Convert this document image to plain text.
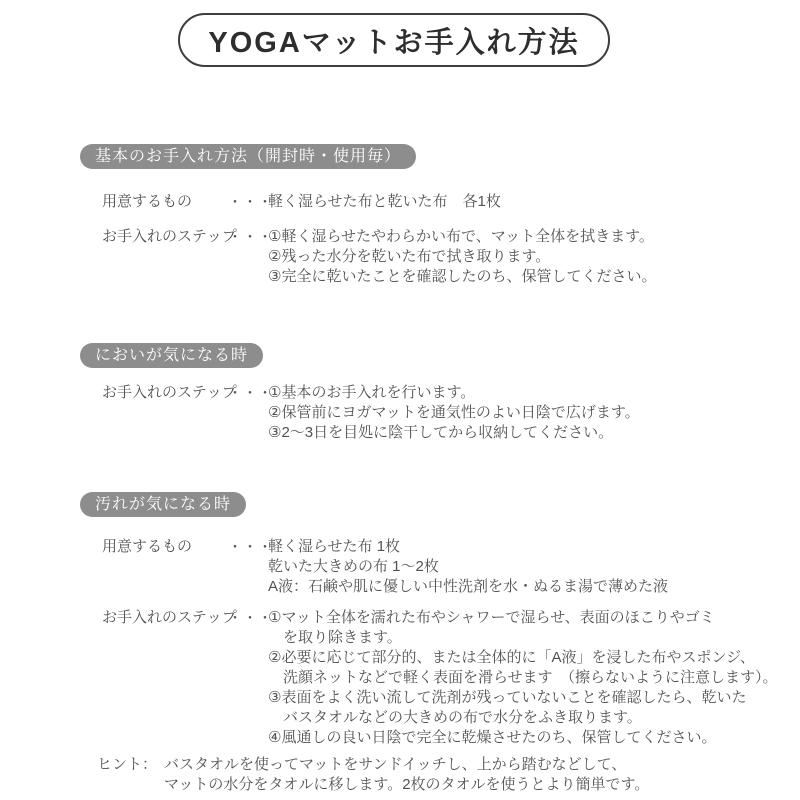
YOGAマットお手入れ方法
基本のお手入れ方法（開封時・使用毎）
用意するもの	・・・
軽く湿らせた布と乾いた布　各1枚
お手入れのステップ
・・・
①軽く湿らせたやわらかい布で、マット全体を拭きます。
②残った水分を乾いた布で拭き取ります。
③完全に乾いたことを確認したのち、保管してください。
においが気になる時
お手入れのステップ
・・・
①基本のお手入れを行います。
②保管前にヨガマットを通気性のよい日陰で広げます。
③2〜3日を目処に陰干してから収納してください。
汚れが気になる時
用意するもの	・・・
軽く湿らせた布 1枚
乾いた大きめの布 1〜2枚
A液：石鹸や肌に優しい中性洗剤を水・ぬるま湯で薄めた液
お手入れのステップ
・・・
①マット全体を濡れた布やシャワーで湿らせ、表面のほこりやゴミ
を取り除きます。
②必要に応じて部分的、または全体的に「A液」を浸した布やスポンジ、
洗顔ネットなどで軽く表面を滑らせます　（擦らないように注意します）。
③表面をよく洗い流して洗剤が残っていないことを確認したら、乾いた
バスタオルなどの大きめの布で水分をふき取ります。
④風通しの良い日陰で完全に乾燥させたのち、保管してください。
ヒント： バスタオルを使ってマットをサンドイッチし、上から踏むなどして、
マットの水分をタオルに移します。2枚のタオルを使うとより簡単です。
